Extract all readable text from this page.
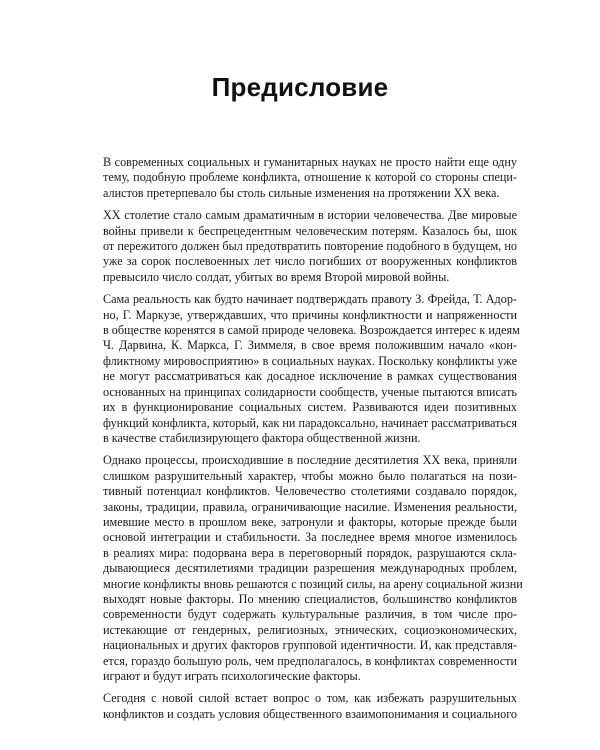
Предисловие

В современных социальных и гуманитарных науках не просто найти еще одну
тему, подобную проблеме конфликта, отношение к которой со стороны специ-
алистов претерпевало бы столь сильные изменения на протяжении XX века.

XX столетие стало самым драматичным в истории человечества. Две мировые
войны привели к беспрецедентным человеческим потерям. Казалось бы, шок
от пережитого должен был предотвратить повторение подобного в будущем, но
уже за сорок послевоенных лет число погибших от вооруженных конфликтов
превысило число солдат, убитых во время Второй мировой войны.

Сама реальность как будто начинает подтверждать правоту З. Фрейда, Т. Адор-
но, Г. Маркузе, утверждавших, что причины конфликтности и напряженности
в обществе коренятся в самой природе человека. Возрождается интерес к идеям
Ч. Дарвина, К. Маркса, Г. Зиммеля, в свое время положившим начало «кон-
фликтному мировосприятию» в социальных науках. Поскольку конфликты уже
не могут рассматриваться как досадное исключение в рамках существования
основанных на принципах солидарности сообществ, ученые пытаются вписать
их в функционирование социальных систем. Развиваются идеи позитивных
функций конфликта, который, как ни парадоксально, начинает рассматриваться
в качестве стабилизирующего фактора общественной жизни.

Однако процессы, происходившие в последние десятилетия XX века, приняли
слишком разрушительный характер, чтобы можно было полагаться на пози-
тивный потенциал конфликтов. Человечество столетиями создавало порядок,
законы, традиции, правила, ограничивающие насилие. Изменения реальности,
имевшие место в прошлом веке, затронули и факторы, которые прежде были
основой интеграции и стабильности. За последнее время многое изменилось
в реалиях мира: подорвана вера в переговорный порядок, разрушаются скла-
дывающиеся десятилетиями традиции разрешения международных проблем,
многие конфликты вновь решаются с позиций силы, на арену социальной жизни
выходят новые факторы. По мнению специалистов, большинство конфликтов
современности будут содержать культуральные различия, в том числе про-
истекающие от гендерных, религиозных, этнических, социоэкономических,
национальных и других факторов групповой идентичности. И, как представля-
ется, гораздо большую роль, чем предполагалось, в конфликтах современности
играют и будут играть психологические факторы.

Сегодня с новой силой встает вопрос о том, как избежать разрушительных
конфликтов и создать условия общественного взаимопонимания и социального
